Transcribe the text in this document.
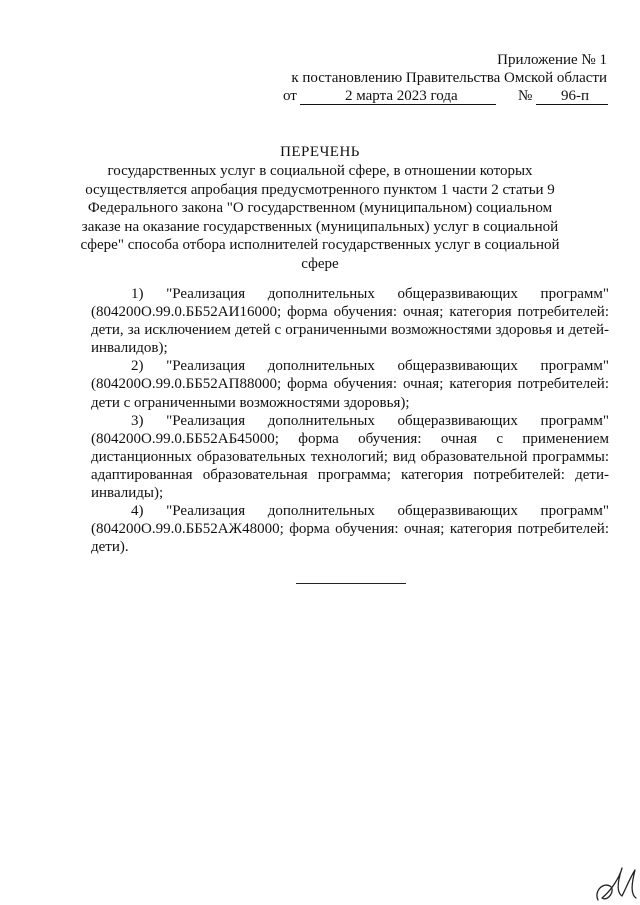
Приложение № 1
к постановлению Правительства Омской области
от	2 марта 2023 года	№ 96-п
ПЕРЕЧЕНЬ
государственных услуг в социальной сфере, в отношении которых осуществляется апробация предусмотренного пунктом 1 части 2 статьи 9 Федерального закона "О государственном (муниципальном) социальном заказе на оказание государственных (муниципальных) услуг в социальной сфере" способа отбора исполнителей государственных услуг в социальной сфере

1) "Реализация дополнительных общеразвивающих программ" (804200О.99.0.ББ52АИ16000; форма обучения: очная; категория потребителей: дети, за исключением детей с ограниченными возможностями здоровья и детей-инвалидов);

2) "Реализация дополнительных общеразвивающих программ" (804200О.99.0.ББ52АП88000; форма обучения: очная; категория потребителей: дети с ограниченными возможностями здоровья);

3) "Реализация дополнительных общеразвивающих программ" (804200О.99.0.ББ52АБ45000; форма обучения: очная с применением дистанционных образовательных технологий; вид образовательной программы: адаптированная образовательная программа; категория потребителей: дети-инвалиды);

4) "Реализация дополнительных общеразвивающих программ" (804200О.99.0.ББ52АЖ48000; форма обучения: очная; категория потребителей: дети).
